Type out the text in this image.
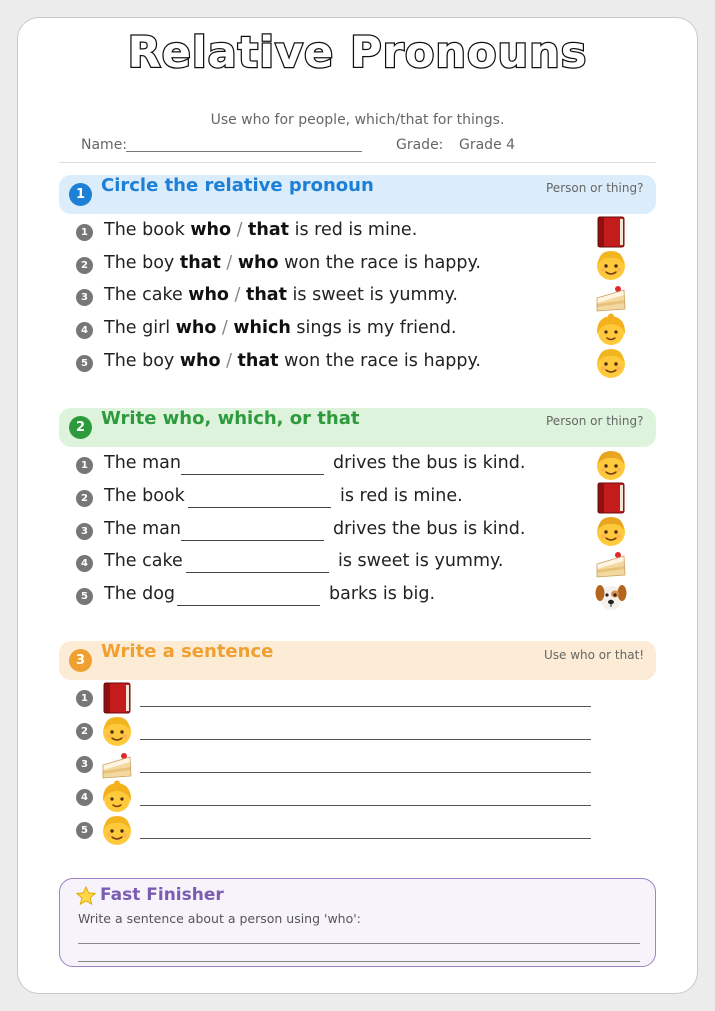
Relative Pronouns
Use who for people, which/that for things.
Name:	Grade: Grade 4
1 Circle the relative pronoun	Person or thing?
1 The book who / that is red is mine.
2 The boy that / who won the race is happy.
3 The cake who / that is sweet is yummy.
4 The girl who / which sings is my friend.
5 The boy who / that won the race is happy.
2 Write who, which, or that	Person or thing?
1 The man	drives the bus is kind.
2 The book	is red is mine.
3 The man	drives the bus is kind.
4 The cake	is sweet is yummy.
5 The dog	barks is big.
3 Write a sentence	Use who or that!
1
2
3
4
5
Fast Finisher
Write a sentence about a person using 'who':
